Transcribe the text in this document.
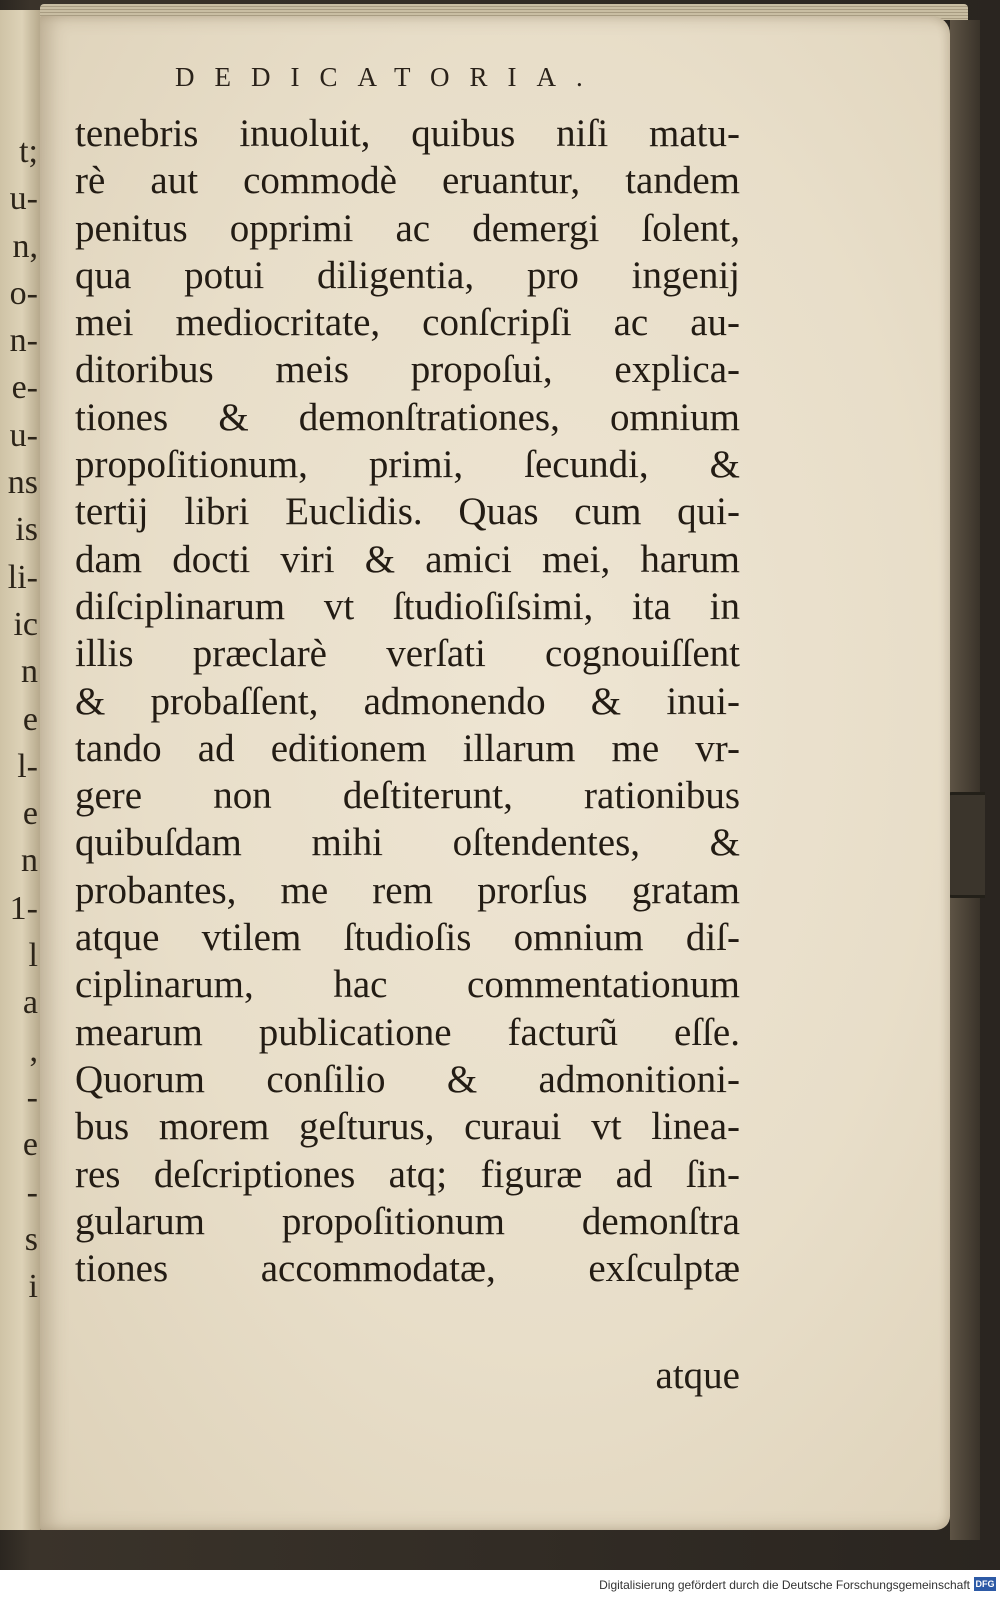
t;
u-
n,
o-
n-
e-
u-
ns
is
li-
ic
n
e
l-
e
n
1-
l
a
,
-
e
-
s
i
DEDICATORIA.
tenebris inuoluit, quibus niſi matu-
rè aut commodè eruantur, tandem
penitus opprimi ac demergi ſolent,
qua potui diligentia, pro ingenij
mei mediocritate, conſcripſi ac au-
ditoribus meis propoſui, explica-
tiones & demonſtrationes, omnium
propoſitionum, primi, ſecundi, &
tertij libri Euclidis. Quas cum qui-
dam docti viri & amici mei, harum
diſciplinarum vt ſtudioſiſsimi, ita in
illis præclarè verſati cognouiſſent
& probaſſent, admonendo & inui-
tando ad editionem illarum me vr-
gere non deſtiterunt, rationibus
quibuſdam mihi oſtendentes, &
probantes, me rem prorſus gratam
atque vtilem ſtudioſis omnium diſ-
ciplinarum, hac commentationum
mearum publicatione facturũ eſſe.
Quorum conſilio & admonitioni-
bus morem geſturus, curaui vt lineа-
res deſcriptiones atq; figuræ ad ſin-
gularum propoſitionum demonſtra
tiones accommodatæ, exſculptæ
atque
Digitalisierung gefördert durch die Deutsche Forschungsgemeinschaft DFG
